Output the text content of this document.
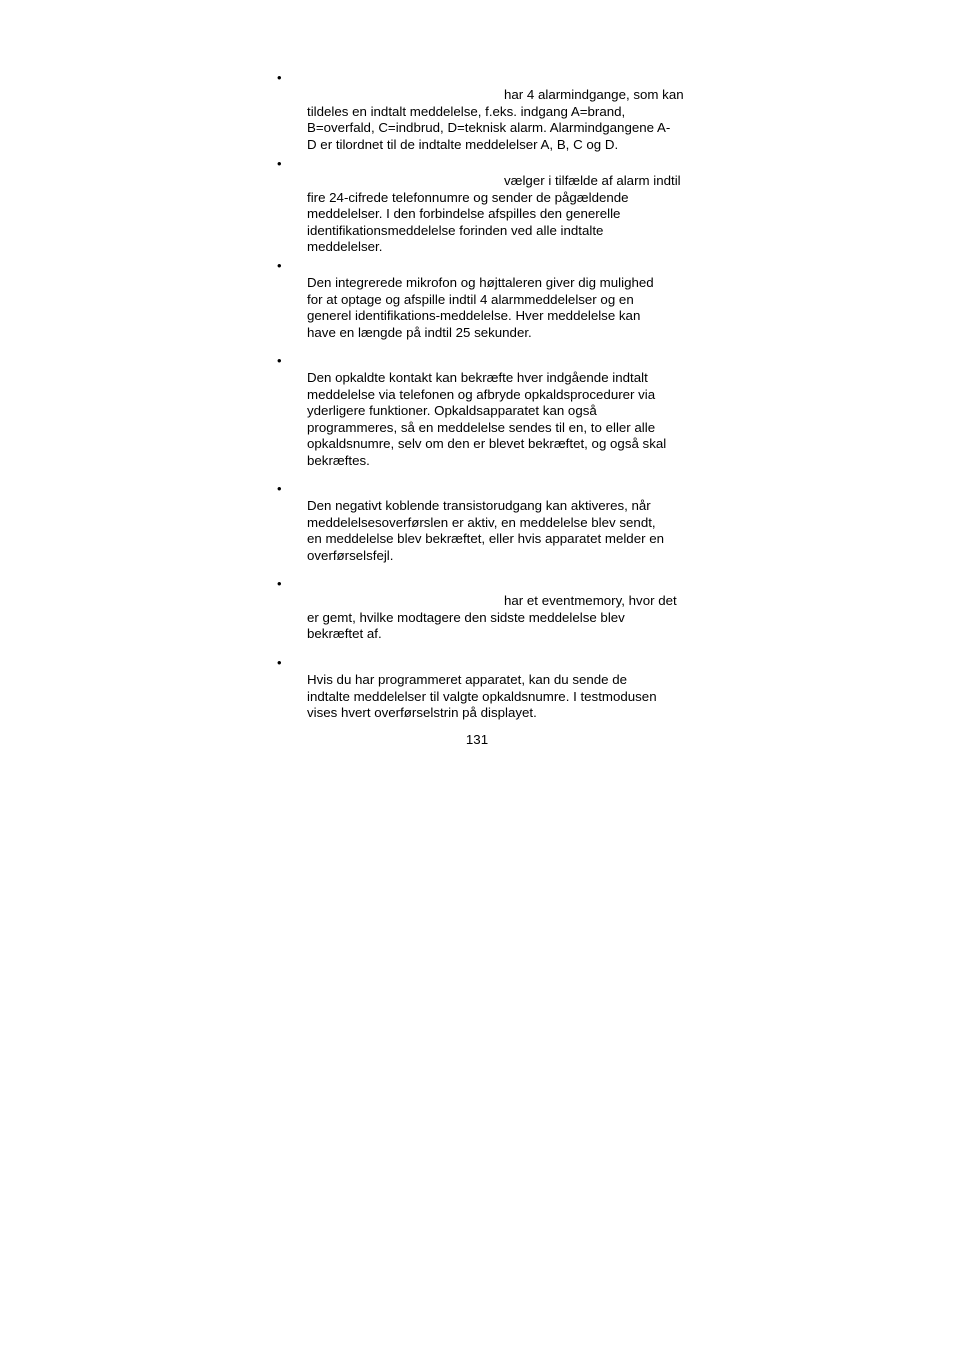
•
har 4 alarmindgange, som kan
tildeles en indtalt meddelelse, f.eks. indgang A=brand,
B=overfald, C=indbrud, D=teknisk alarm. Alarmindgangene A-
D er tilordnet til de indtalte meddelelser A, B, C og D.
•
vælger i tilfælde af alarm indtil
fire 24-cifrede telefonnumre og sender de pågældende
meddelelser. I den forbindelse afspilles den generelle
identifikationsmeddelelse forinden ved alle indtalte
meddelelser.
•
Den integrerede mikrofon og højttaleren giver dig mulighed
for at optage og afspille indtil 4 alarmmeddelelser og en
generel identifikations-meddelelse. Hver meddelelse kan
have en længde på indtil 25 sekunder.
•
Den opkaldte kontakt kan bekræfte hver indgående indtalt
meddelelse via telefonen og afbryde opkaldsprocedurer via
yderligere funktioner. Opkaldsapparatet kan også
programmeres, så en meddelelse sendes til en, to eller alle
opkaldsnumre, selv om den er blevet bekræftet, og også skal
bekræftes.
•
Den negativt koblende transistorudgang kan aktiveres, når
meddelelsesoverførslen er aktiv, en meddelelse blev sendt,
en meddelelse blev bekræftet, eller hvis apparatet melder en
overførselsfejl.
•
har et eventmemory, hvor det
er gemt, hvilke modtagere den sidste meddelelse blev
bekræftet af.
•
Hvis du har programmeret apparatet, kan du sende de
indtalte meddelelser til valgte opkaldsnumre. I testmodusen
vises hvert overførselstrin på displayet.
131
